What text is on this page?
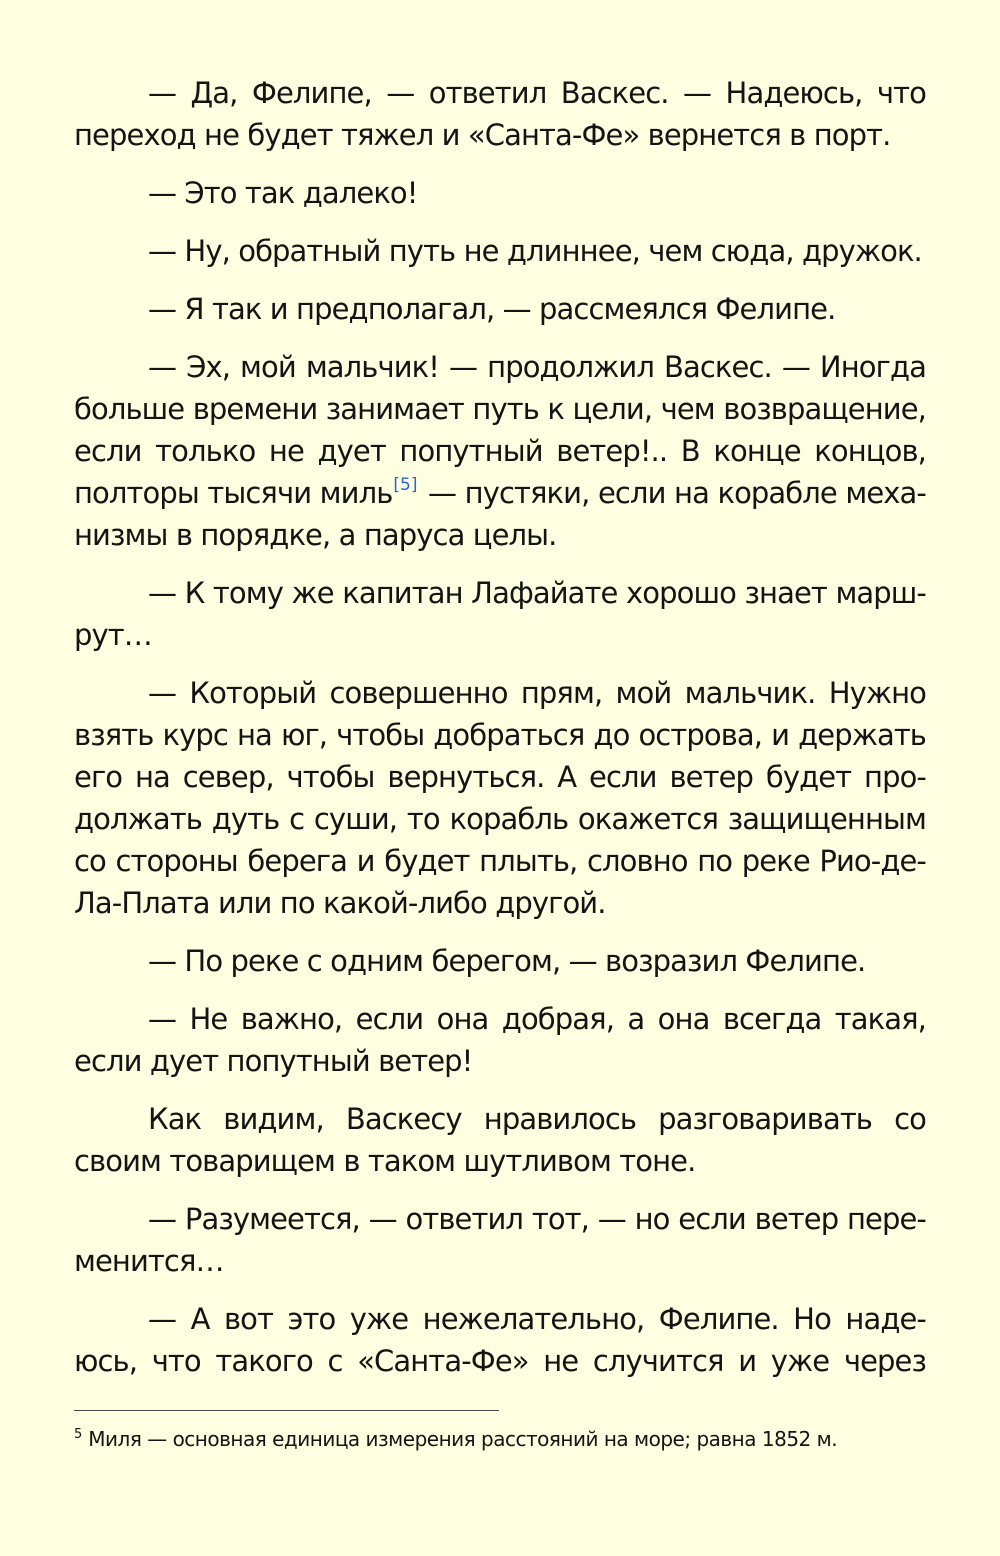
— Да, Фелипе, — ответил Васкес. — Надеюсь, что
переход не будет тяжел и «Санта-Фе» вернется в порт.
— Это так далеко!
— Ну, обратный путь не длиннее, чем сюда, дружок.
— Я так и предполагал, — рассмеялся Фелипе.
— Эх, мой мальчик! — продолжил Васкес. — Иногда
больше времени занимает путь к цели, чем возвращение,
если только не дует попутный ветер!.. В конце концов,
полторы тысячи миль[5] — пустяки, если на корабле меха-
низмы в порядке, а паруса целы.
— К тому же капитан Лафайате хорошо знает марш-
рут…
— Который совершенно прям, мой мальчик. Нужно
взять курс на юг, чтобы добраться до острова, и держать
его на север, чтобы вернуться. А если ветер будет про-
должать дуть с суши, то корабль окажется защищенным
со стороны берега и будет плыть, словно по реке Рио-де-
Ла-Плата или по какой-либо другой.
— По реке с одним берегом, — возразил Фелипе.
— Не важно, если она добрая, а она всегда такая,
если дует попутный ветер!
Как видим, Васкесу нравилось разговаривать со
своим товарищем в таком шутливом тоне.
— Разумеется, — ответил тот, — но если ветер пере-
менится…
— А вот это уже нежелательно, Фелипе. Но наде-
юсь, что такого с «Санта-Фе» не случится и уже через
$^5$ Миля — основная единица измерения расстояний на море; равна 1852 м.
